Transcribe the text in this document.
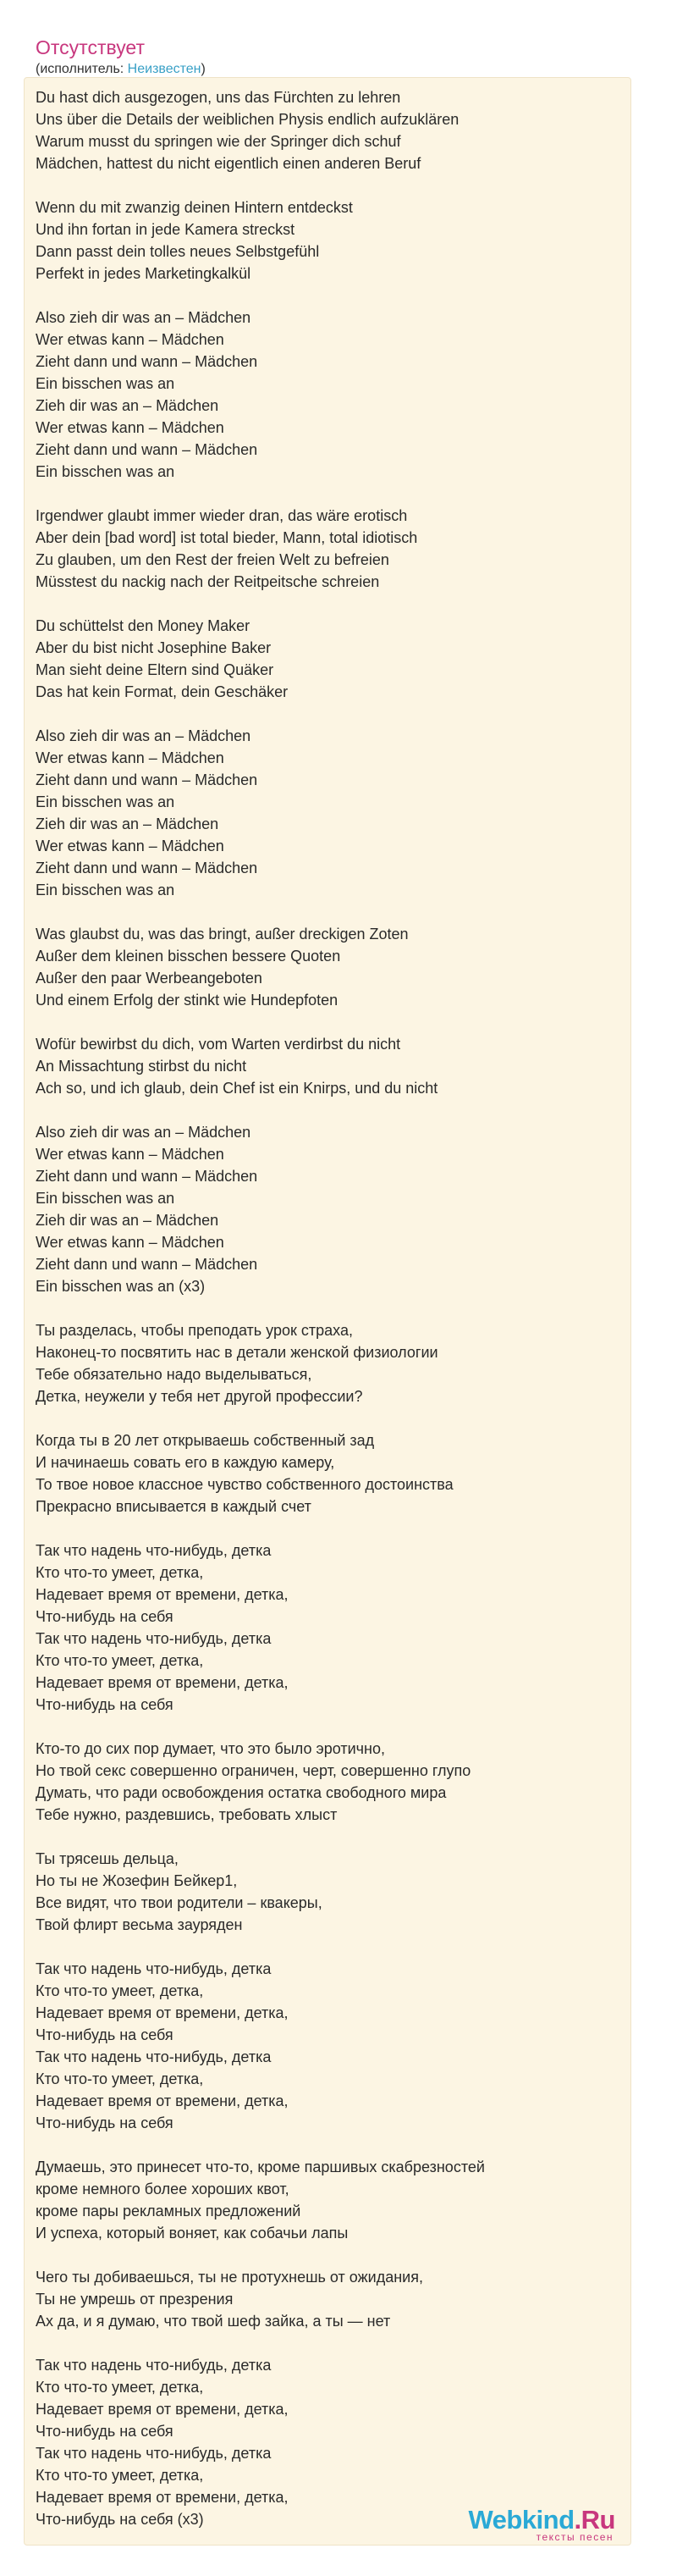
Отсутствует
(исполнитель: Неизвестен)
Du hast dich ausgezogen, uns das Fürchten zu lehren
Uns über die Details der weiblichen Physis endlich aufzuklären
Warum musst du springen wie der Springer dich schuf
Mädchen, hattest du nicht eigentlich einen anderen Beruf
Wenn du mit zwanzig deinen Hintern entdeckst
Und ihn fortan in jede Kamera streckst
Dann passt dein tolles neues Selbstgefühl
Perfekt in jedes Marketingkalkül
Also zieh dir was an – Mädchen
Wer etwas kann – Mädchen
Zieht dann und wann – Mädchen
Ein bisschen was an
Zieh dir was an – Mädchen
Wer etwas kann – Mädchen
Zieht dann und wann – Mädchen
Ein bisschen was an
Irgendwer glaubt immer wieder dran, das wäre erotisch
Aber dein [bad word] ist total bieder, Mann, total idiotisch
Zu glauben, um den Rest der freien Welt zu befreien
Müsstest du nackig nach der Reitpeitsche schreien
Du schüttelst den Money Maker
Aber du bist nicht Josephine Baker
Man sieht deine Eltern sind Quäker
Das hat kein Format, dein Geschäker
Also zieh dir was an – Mädchen
Wer etwas kann – Mädchen
Zieht dann und wann – Mädchen
Ein bisschen was an
Zieh dir was an – Mädchen
Wer etwas kann – Mädchen
Zieht dann und wann – Mädchen
Ein bisschen was an
Was glaubst du, was das bringt, außer dreckigen Zoten
Außer dem kleinen bisschen bessere Quoten
Außer den paar Werbeangeboten
Und einem Erfolg der stinkt wie Hundepfoten
Wofür bewirbst du dich, vom Warten verdirbst du nicht
An Missachtung stirbst du nicht
Ach so, und ich glaub, dein Chef ist ein Knirps, und du nicht
Also zieh dir was an – Mädchen
Wer etwas kann – Mädchen
Zieht dann und wann – Mädchen
Ein bisschen was an
Zieh dir was an – Mädchen
Wer etwas kann – Mädchen
Zieht dann und wann – Mädchen
Ein bisschen was an (x3)
Ты разделась, чтобы преподать урок страха,
Наконец-то посвятить нас в детали женской физиологии
Тебе обязательно надо выделываться,
Детка, неужели у тебя нет другой профессии?
Когда ты в 20 лет открываешь собственный зад
И начинаешь совать его в каждую камеру,
То твое новое классное чувство собственного достоинства
Прекрасно вписывается в каждый счет
Так что надень что-нибудь, детка
Кто что-то умеет, детка,
Надевает время от времени, детка,
Что-нибудь на себя
Так что надень что-нибудь, детка
Кто что-то умеет, детка,
Надевает время от времени, детка,
Что-нибудь на себя
Кто-то до сих пор думает, что это было эротично,
Но твой секс совершенно ограничен, черт, совершенно глупо
Думать, что ради освобождения остатка свободного мира
Тебе нужно, раздевшись, требовать хлыст
Ты трясешь дельца,
Но ты не Жозефин Бейкер1,
Все видят, что твои родители – квакеры,
Твой флирт весьма зауряден
Так что надень что-нибудь, детка
Кто что-то умеет, детка,
Надевает время от времени, детка,
Что-нибудь на себя
Так что надень что-нибудь, детка
Кто что-то умеет, детка,
Надевает время от времени, детка,
Что-нибудь на себя
Думаешь, это принесет что-то, кроме паршивых скабрезностей
кроме немного более хороших квот,
кроме пары рекламных предложений
И успеха, который воняет, как собачьи лапы
Чего ты добиваешься, ты не протухнешь от ожидания,
Ты не умрешь от презрения
Ах да, и я думаю, что твой шеф зайка, а ты — нет
Так что надень что-нибудь, детка
Кто что-то умеет, детка,
Надевает время от времени, детка,
Что-нибудь на себя
Так что надень что-нибудь, детка
Кто что-то умеет, детка,
Надевает время от времени, детка,
Что-нибудь на себя (x3)	Webkind.Ru
тексты песен
